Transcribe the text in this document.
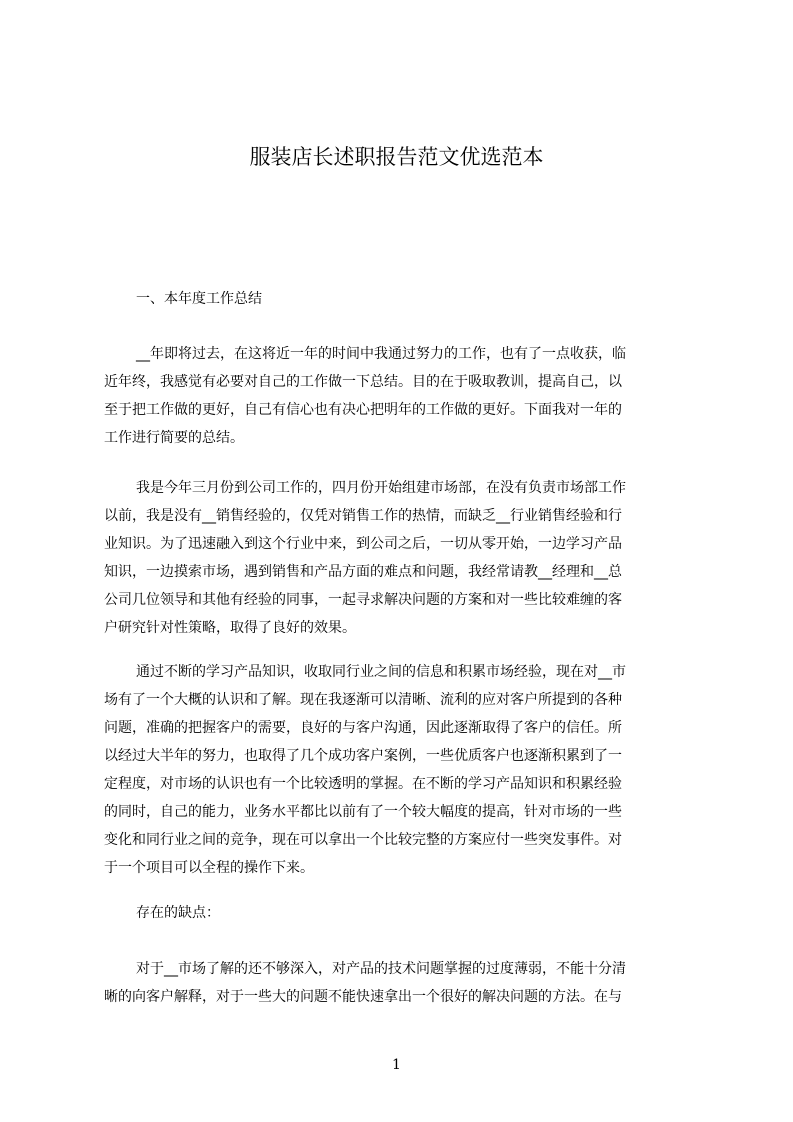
服装店长述职报告范文优选范本
一、本年度工作总结
__年即将过去，在这将近一年的时间中我通过努力的工作，也有了一点收获，临
近年终，我感觉有必要对自己的工作做一下总结。目的在于吸取教训，提高自己，以
至于把工作做的更好，自己有信心也有决心把明年的工作做的更好。下面我对一年的
工作进行简要的总结。
我是今年三月份到公司工作的，四月份开始组建市场部，在没有负责市场部工作
以前，我是没有__销售经验的，仅凭对销售工作的热情，而缺乏__行业销售经验和行
业知识。为了迅速融入到这个行业中来，到公司之后，一切从零开始，一边学习产品
知识，一边摸索市场，遇到销售和产品方面的难点和问题，我经常请教__经理和__总
公司几位领导和其他有经验的同事，一起寻求解决问题的方案和对一些比较难缠的客
户研究针对性策略，取得了良好的效果。
通过不断的学习产品知识，收取同行业之间的信息和积累市场经验，现在对__市
场有了一个大概的认识和了解。现在我逐渐可以清晰、流利的应对客户所提到的各种
问题，准确的把握客户的需要，良好的与客户沟通，因此逐渐取得了客户的信任。所
以经过大半年的努力，也取得了几个成功客户案例，一些优质客户也逐渐积累到了一
定程度，对市场的认识也有一个比较透明的掌握。在不断的学习产品知识和积累经验
的同时，自己的能力，业务水平都比以前有了一个较大幅度的提高，针对市场的一些
变化和同行业之间的竞争，现在可以拿出一个比较完整的方案应付一些突发事件。对
于一个项目可以全程的操作下来。
存在的缺点：
对于__市场了解的还不够深入，对产品的技术问题掌握的过度薄弱，不能十分清
晰的向客户解释，对于一些大的问题不能快速拿出一个很好的解决问题的方法。在与
1
